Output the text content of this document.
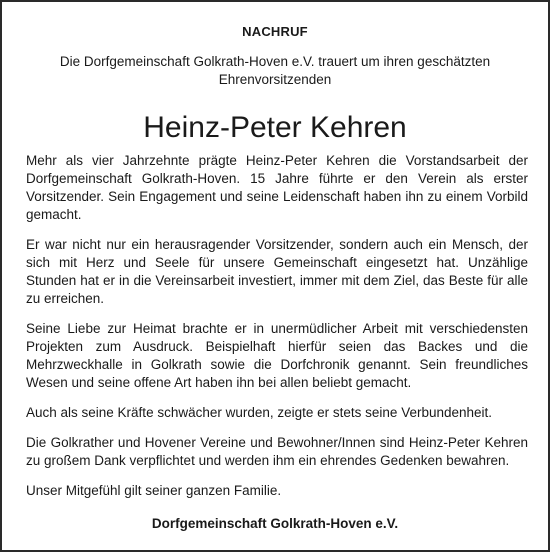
NACHRUF
Die Dorfgemeinschaft Golkrath-Hoven e.V. trauert um ihren geschätzten Ehrenvorsitzenden
Heinz-Peter Kehren

Mehr als vier Jahrzehnte prägte Heinz-Peter Kehren die Vorstandsarbeit der Dorfgemeinschaft Golkrath-Hoven. 15 Jahre führte er den Verein als erster Vorsitzender. Sein Engagement und seine Leidenschaft haben ihn zu einem Vorbild gemacht.

Er war nicht nur ein herausragender Vorsitzender, sondern auch ein Mensch, der sich mit Herz und Seele für unsere Gemeinschaft eingesetzt hat. Unzählige Stunden hat er in die Vereinsarbeit investiert, immer mit dem Ziel, das Beste für alle zu erreichen.

Seine Liebe zur Heimat brachte er in unermüdlicher Arbeit mit verschiedensten Projekten zum Ausdruck. Beispielhaft hierfür seien das Backes und die Mehrzweckhalle in Golkrath sowie die Dorfchronik genannt. Sein freundliches Wesen und seine offene Art haben ihn bei allen beliebt gemacht.

Auch als seine Kräfte schwächer wurden, zeigte er stets seine Verbundenheit.

Die Golkrather und Hovener Vereine und Bewohner/Innen sind Heinz-Peter Kehren zu großem Dank verpflichtet und werden ihm ein ehrendes Gedenken bewahren.

Unser Mitgefühl gilt seiner ganzen Familie.

Dorfgemeinschaft Golkrath-Hoven e.V.
